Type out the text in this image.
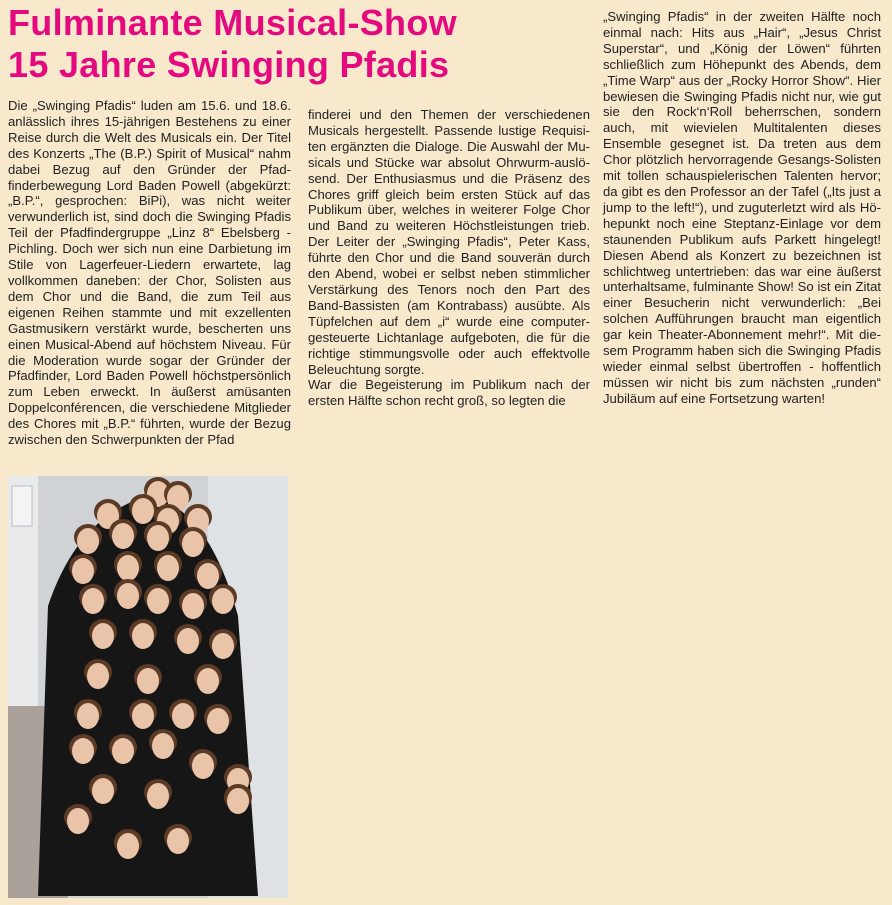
Fulminante Musical-Show
15 Jahre Swinging Pfadis

Die „Swinging Pfadis“ luden am 15.6. und 18.6. anlässlich ihres 15-jährigen Bestehens zu einer Reise durch die Welt des Musicals ein. Der Titel des Konzerts „The (B.P.) Spirit of Musical“ nahm dabei Bezug auf den Gründer der Pfadfinderbewegung Lord Baden Powell (abgekürzt: „B.P.“, gesprochen: BiPi), was nicht weiter verwunderlich ist, sind doch die Swinging Pfadis Teil der Pfadfindergruppe „Linz 8“ Ebelsberg - Pichling. Doch wer sich nun eine Darbietung im Stile von Lagerfeuer-Liedern erwartete, lag vollkommen daneben: der Chor, Solisten aus dem Chor und die Band, die zum Teil aus eigenen Reihen stammte und mit exzellenten Gastmusikern verstärkt wurde, bescherten uns einen Musical-Abend auf höchstem Niveau. Für die Moderation wurde sogar der Gründer der Pfadfinder, Lord Baden Powell höchstpersönlich zum Leben erweckt. In äußerst amüsanten Doppelconférencen, die verschiedene Mitglieder des Chores mit „B.P.“ führten, wurde der Bezug zwischen den Schwerpunkten der Pfad

finderei und den Themen der verschiedenen Musicals hergestellt. Passende lustige Requisiten ergänzten die Dialoge. Die Auswahl der Musicals und Stücke war absolut Ohrwurm-auslösend. Der Enthusiasmus und die Präsenz des Chores griff gleich beim ersten Stück auf das Publikum über, welches in weiterer Folge Chor und Band zu weiteren Höchstleistungen trieb. Der Leiter der „Swinging Pfadis“, Peter Kass, führte den Chor und die Band souverän durch den Abend, wobei er selbst neben stimmlicher Verstärkung des Tenors noch den Part des Band-Bassisten (am Kontrabass) ausübte. Als Tüpfelchen auf dem „i“ wurde eine computergesteuerte Lichtanlage aufgeboten, die für die richtige stimmungsvolle oder auch effektvolle Beleuchtung sorgte.

War die Begeisterung im Publikum nach der ersten Hälfte schon recht groß, so legten die

„Swinging Pfadis“ in der zweiten Hälfte noch einmal nach: Hits aus „Hair“, „Jesus Christ Superstar“, und „König der Löwen“ führten schließlich zum Höhepunkt des Abends, dem „Time Warp“ aus der „Rocky Horror Show“. Hier bewiesen die Swinging Pfadis nicht nur, wie gut sie den Rock‘n‘Roll beherrschen, sondern auch, mit wievielen Multitalenten dieses Ensemble gesegnet ist. Da treten aus dem Chor plötzlich hervorragende Gesangs-Solisten mit tollen schauspielerischen Talenten hervor; da gibt es den Professor an der Tafel („Its just a jump to the left!“), und zuguterletzt wird als Höhepunkt noch eine Steptanz-Einlage vor dem staunenden Publikum aufs Parkett hingelegt! Diesen Abend als Konzert zu bezeichnen ist schlichtweg untertrieben: das war eine äußerst unterhaltsame, fulminante Show! So ist ein Zitat einer Besucherin nicht verwunderlich: „Bei solchen Aufführungen braucht man eigentlich gar kein Theater-Abonnement mehr!“. Mit diesem Programm haben sich die Swinging Pfadis wieder einmal selbst übertroffen - hoffentlich müssen wir nicht bis zum nächsten „runden“ Jubiläum auf eine Fortsetzung warten!
